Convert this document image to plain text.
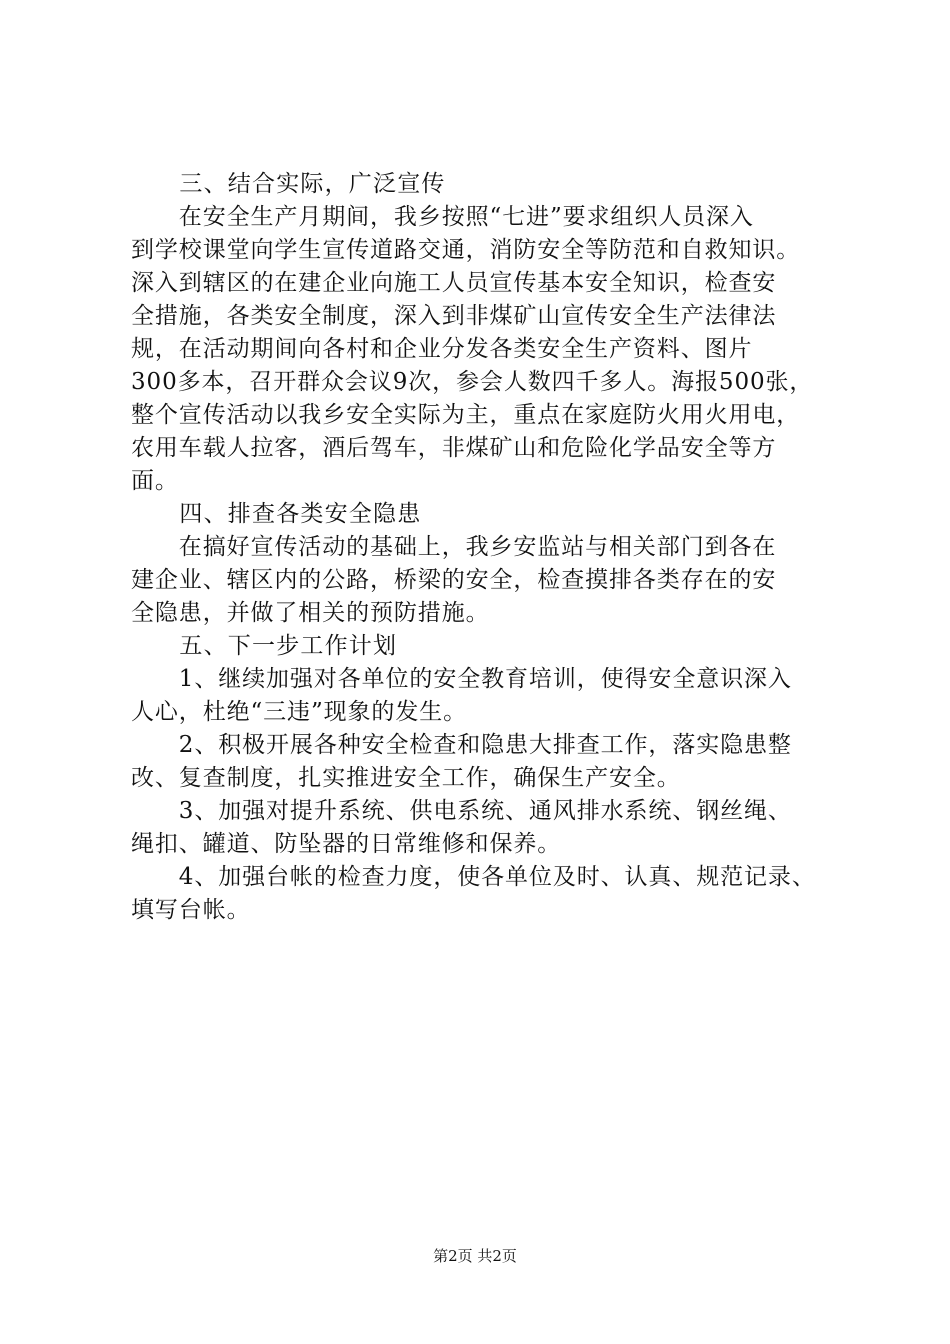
　　三、结合实际，广泛宣传
　　在安全生产月期间，我乡按照“七进”要求组织人员深入
到学校课堂向学生宣传道路交通，消防安全等防范和自救知识。
深入到辖区的在建企业向施工人员宣传基本安全知识，检查安
全措施，各类安全制度，深入到非煤矿山宣传安全生产法律法
规，在活动期间向各村和企业分发各类安全生产资料、图片
300多本，召开群众会议9次，参会人数四千多人。海报500张，
整个宣传活动以我乡安全实际为主，重点在家庭防火用火用电，
农用车载人拉客，酒后驾车，非煤矿山和危险化学品安全等方
面。
　　四、排查各类安全隐患
　　在搞好宣传活动的基础上，我乡安监站与相关部门到各在
建企业、辖区内的公路，桥梁的安全，检查摸排各类存在的安
全隐患，并做了相关的预防措施。
　　五、下一步工作计划
　　1、继续加强对各单位的安全教育培训，使得安全意识深入
人心，杜绝“三违”现象的发生。
　　2、积极开展各种安全检查和隐患大排查工作，落实隐患整
改、复查制度，扎实推进安全工作，确保生产安全。
　　3、加强对提升系统、供电系统、通风排水系统、钢丝绳、
绳扣、罐道、防坠器的日常维修和保养。
　　4、加强台帐的检查力度，使各单位及时、认真、规范记录、
填写台帐。
第2页 共2页
